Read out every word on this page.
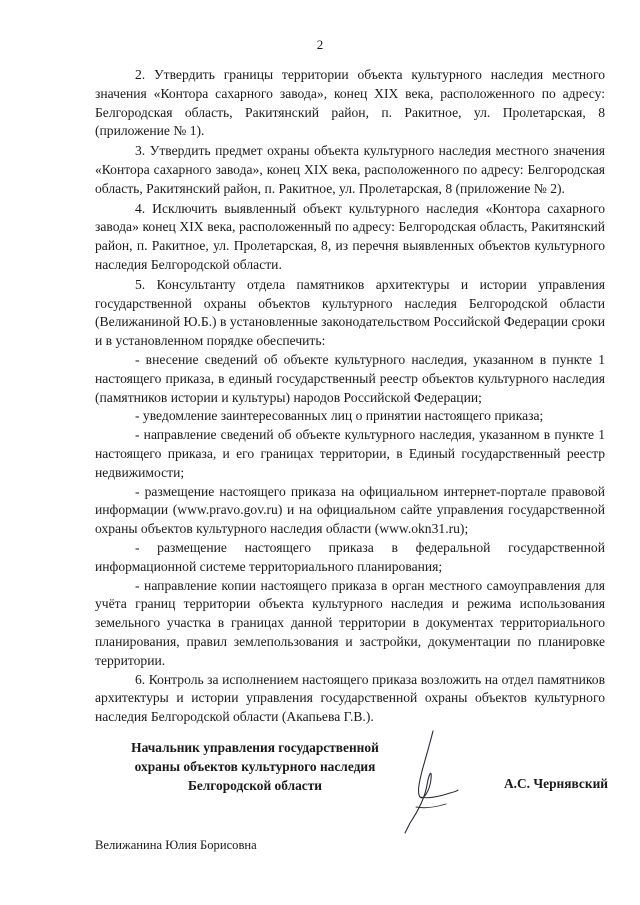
2

2. Утвердить границы территории объекта культурного наследия местного значения «Контора сахарного завода», конец XIX века, расположенного по адресу: Белгородская область, Ракитянский район, п. Ракитное, ул. Пролетарская, 8 (приложение № 1).

3. Утвердить предмет охраны объекта культурного наследия местного значения «Контора сахарного завода», конец XIX века, расположенного по адресу: Белгородская область, Ракитянский район, п. Ракитное, ул. Пролетарская, 8 (приложение № 2).

4. Исключить выявленный объект культурного наследия «Контора сахарного завода» конец XIX века, расположенный по адресу: Белгородская область, Ракитянский район, п. Ракитное, ул. Пролетарская, 8, из перечня выявленных объектов культурного наследия Белгородской области.

5. Консультанту отдела памятников архитектуры и истории управления государственной охраны объектов культурного наследия Белгородской области (Велижаниной Ю.Б.) в установленные законодательством Российской Федерации сроки и в установленном порядке обеспечить:

- внесение сведений об объекте культурного наследия, указанном в пункте 1 настоящего приказа, в единый государственный реестр объектов культурного наследия (памятников истории и культуры) народов Российской Федерации;

- уведомление заинтересованных лиц о принятии настоящего приказа;

- направление сведений об объекте культурного наследия, указанном в пункте 1 настоящего приказа, и его границах территории, в Единый государственный реестр недвижимости;

- размещение настоящего приказа на официальном интернет-портале правовой информации (www.pravo.gov.ru) и на официальном сайте управления государственной охраны объектов культурного наследия области (www.okn31.ru);

- размещение настоящего приказа в федеральной государственной информационной системе территориального планирования;

- направление копии настоящего приказа в орган местного самоуправления для учёта границ территории объекта культурного наследия и режима использования земельного участка в границах данной территории в документах территориального планирования, правил землепользования и застройки, документации по планировке территории.

6. Контроль за исполнением настоящего приказа возложить на отдел памятников архитектуры и истории управления государственной охраны объектов культурного наследия Белгородской области (Акапьева Г.В.).

Начальник управления государственной
охраны объектов культурного наследия
Белгородской области	А.С. Чернявский
Велижанина Юлия Борисовна
